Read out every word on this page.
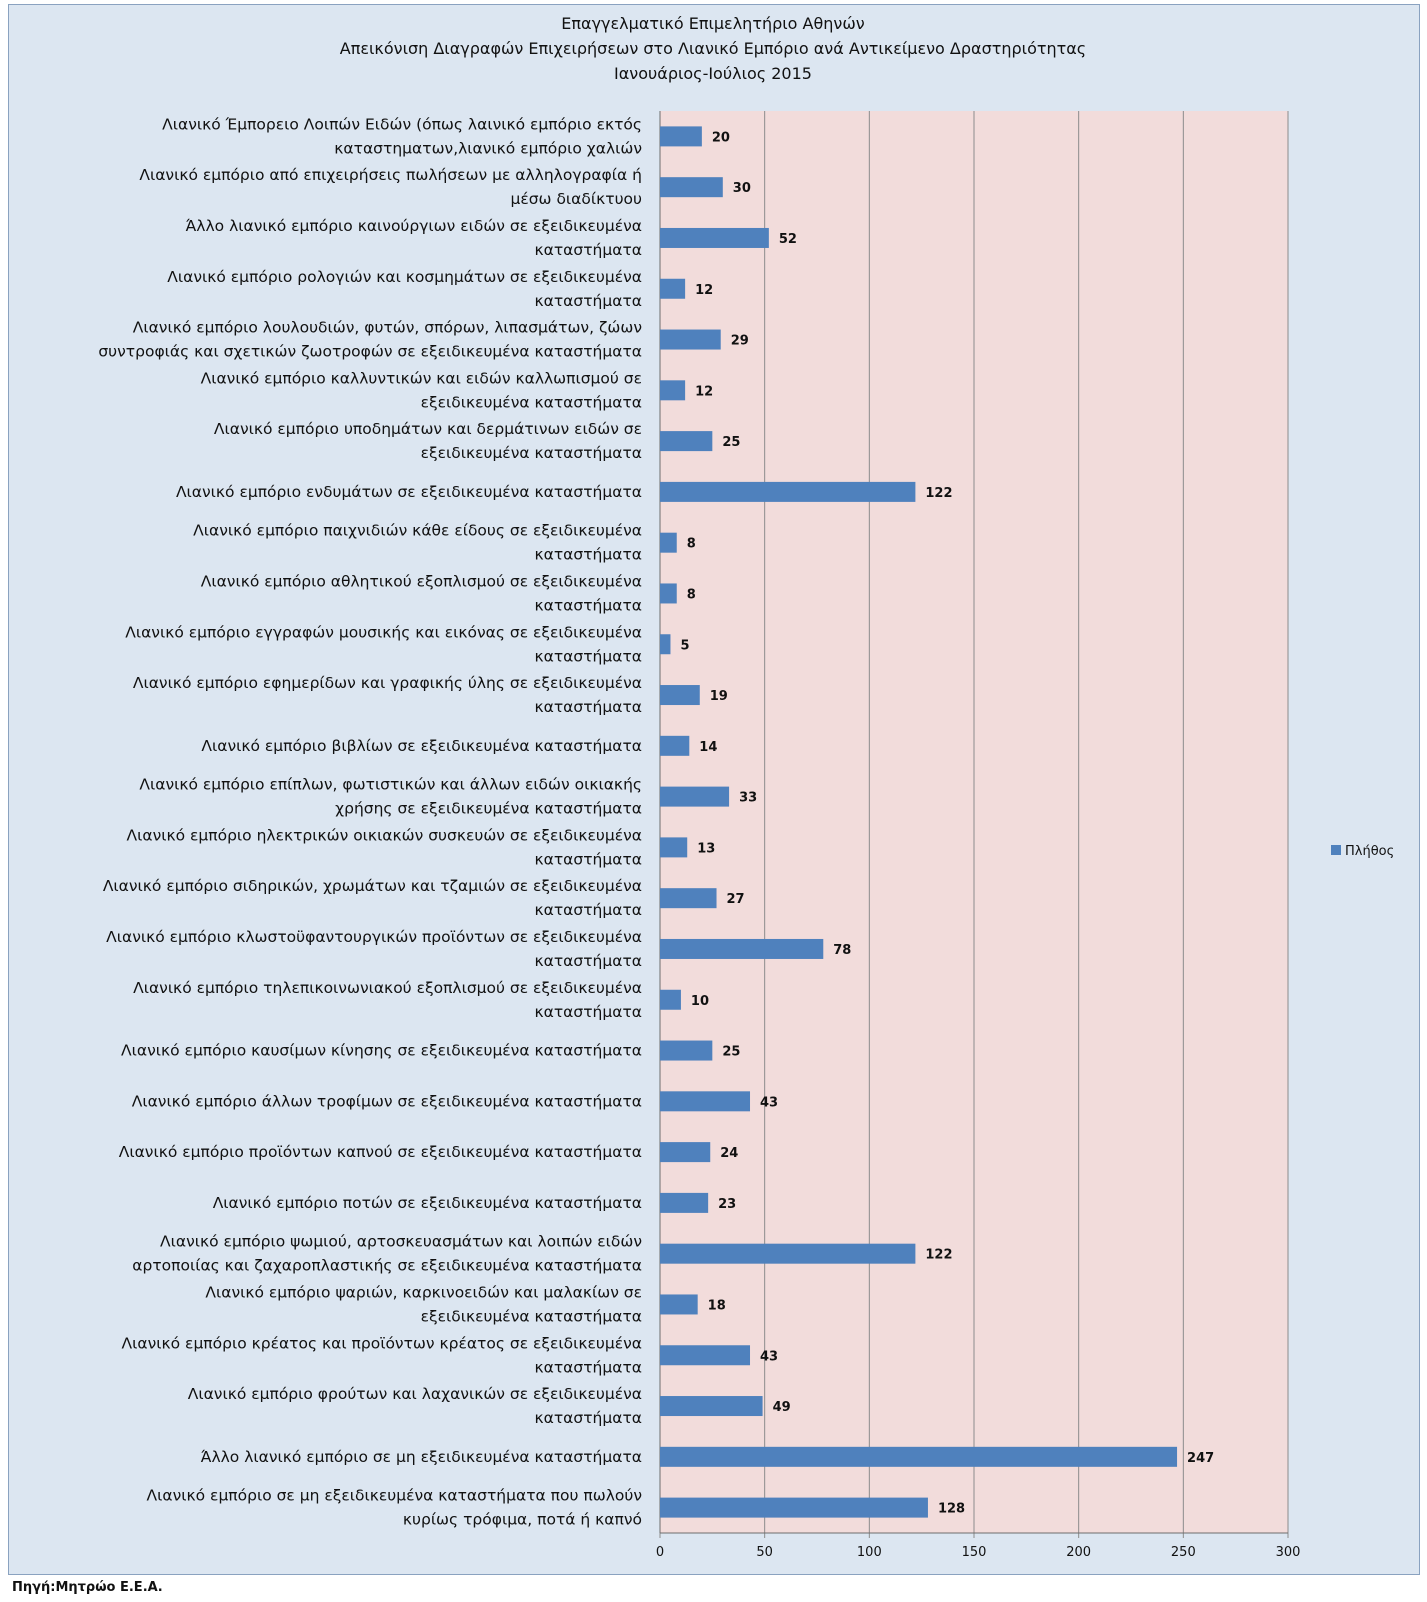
Επαγγελματικό Επιμελητήριο Αθηνών
Απεικόνιση Διαγραφών Επιχειρήσεων στο Λιανικό Εμπόριο ανά Αντικείμενο Δραστηριότητας
Ιανουάριος-Ιούλιος 2015
0	50	100	150	200	250	300
20
Λιανικό Έμπορειο Λοιπών Ειδών (όπως λαινικό εμπόριο εκτός
καταστηματων,λιανικό εμπόριο χαλιών
30
Λιανικό εμπόριο από επιχειρήσεις πωλήσεων με αλληλογραφία ή
μέσω διαδίκτυου
52
Άλλο λιανικό εμπόριο καινούργιων ειδών σε εξειδικευμένα
καταστήματα
12
Λιανικό εμπόριο ρολογιών και κοσμημάτων σε εξειδικευμένα
καταστήματα
29
Λιανικό εμπόριο λουλουδιών, φυτών, σπόρων, λιπασμάτων, ζώων
συντροφιάς και σχετικών ζωοτροφών σε εξειδικευμένα καταστήματα
12
Λιανικό εμπόριο καλλυντικών και ειδών καλλωπισμού σε
εξειδικευμένα καταστήματα
25
Λιανικό εμπόριο υποδημάτων και δερμάτινων ειδών σε
εξειδικευμένα καταστήματα
122
Λιανικό εμπόριο ενδυμάτων σε εξειδικευμένα καταστήματα
8
Λιανικό εμπόριο παιχνιδιών κάθε είδους σε εξειδικευμένα
καταστήματα
8
Λιανικό εμπόριο αθλητικού εξοπλισμού σε εξειδικευμένα
καταστήματα
5
Λιανικό εμπόριο εγγραφών μουσικής και εικόνας σε εξειδικευμένα
καταστήματα
19
Λιανικό εμπόριο εφημερίδων και γραφικής ύλης σε εξειδικευμένα
καταστήματα
14
Λιανικό εμπόριο βιβλίων σε εξειδικευμένα καταστήματα
33
Λιανικό εμπόριο επίπλων, φωτιστικών και άλλων ειδών οικιακής
χρήσης σε εξειδικευμένα καταστήματα
13
Λιανικό εμπόριο ηλεκτρικών οικιακών συσκευών σε εξειδικευμένα
καταστήματα
27
Λιανικό εμπόριο σιδηρικών, χρωμάτων και τζαμιών σε εξειδικευμένα
καταστήματα
78
Λιανικό εμπόριο κλωστοϋφαντουργικών προϊόντων σε εξειδικευμένα
καταστήματα
10
Λιανικό εμπόριο τηλεπικοινωνιακού εξοπλισμού σε εξειδικευμένα
καταστήματα
25
Λιανικό εμπόριο καυσίμων κίνησης σε εξειδικευμένα καταστήματα
43
Λιανικό εμπόριο άλλων τροφίμων σε εξειδικευμένα καταστήματα
24
Λιανικό εμπόριο προϊόντων καπνού σε εξειδικευμένα καταστήματα
23
Λιανικό εμπόριο ποτών σε εξειδικευμένα καταστήματα
122
Λιανικό εμπόριο ψωμιού, αρτοσκευασμάτων και λοιπών ειδών
αρτοποιίας και ζαχαροπλαστικής σε εξειδικευμένα καταστήματα
18
Λιανικό εμπόριο ψαριών, καρκινοειδών και μαλακίων σε
εξειδικευμένα καταστήματα
43
Λιανικό εμπόριο κρέατος και προϊόντων κρέατος σε εξειδικευμένα
καταστήματα
49
Λιανικό εμπόριο φρούτων και λαχανικών σε εξειδικευμένα
καταστήματα
247
Άλλο λιανικό εμπόριο σε μη εξειδικευμένα καταστήματα
128
Λιανικό εμπόριο σε μη εξειδικευμένα καταστήματα που πωλούν
κυρίως τρόφιμα, ποτά ή καπνό
Πλήθος
Πηγή:Μητρώο Ε.Ε.Α.
